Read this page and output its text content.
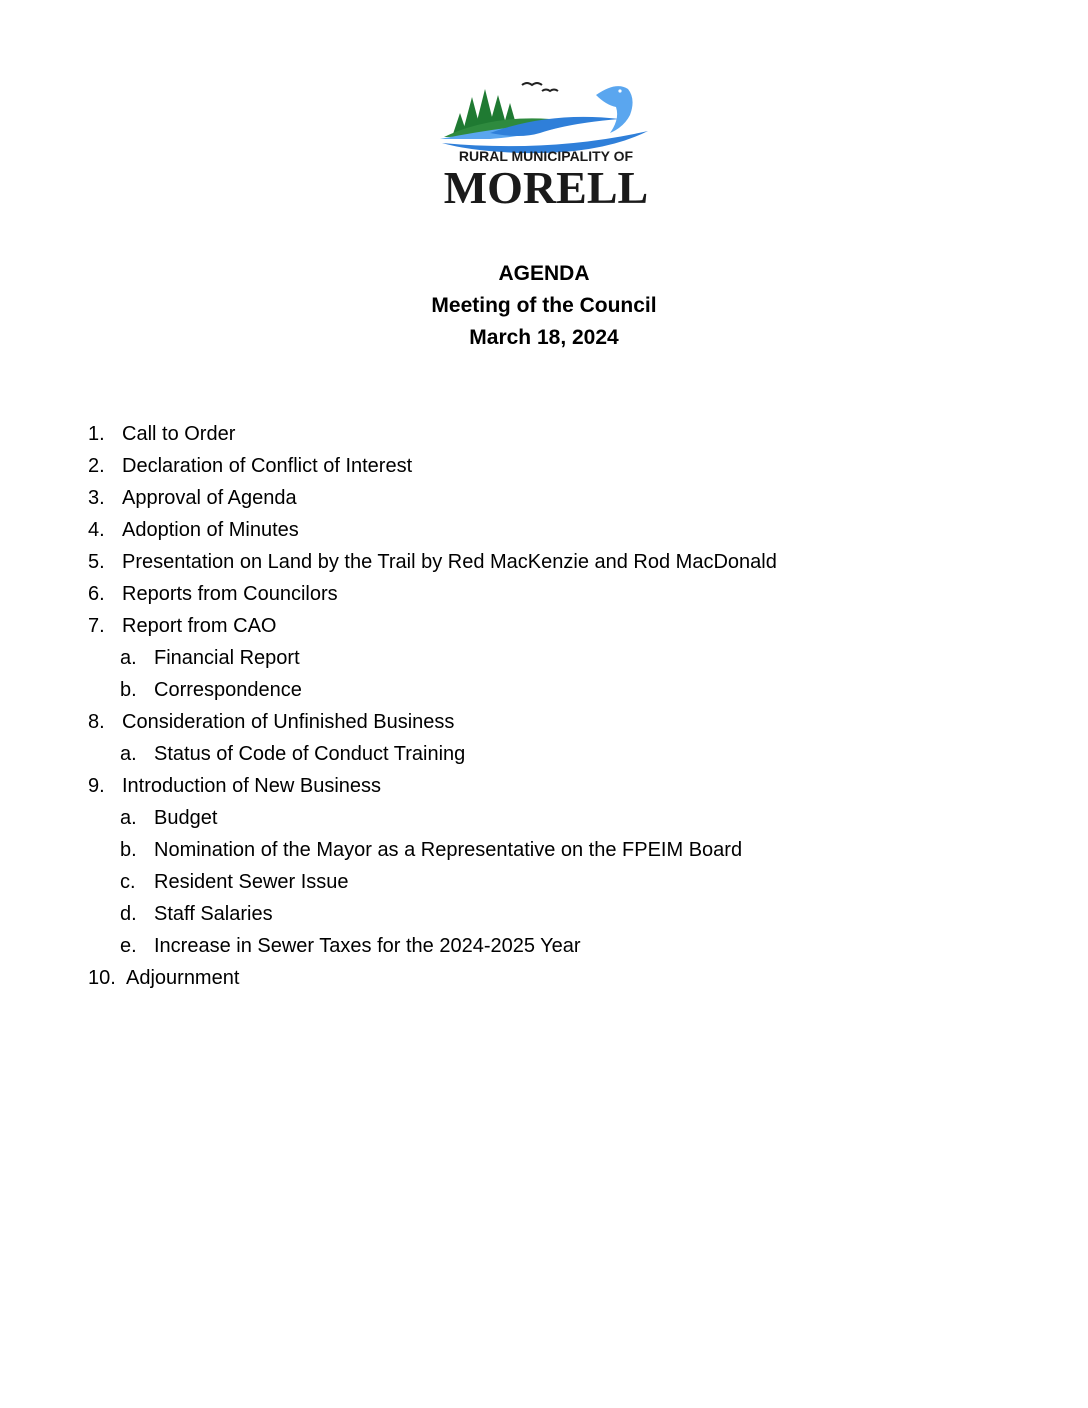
RURAL MUNICIPALITY OF
MORELL
AGENDA
Meeting of the Council
March 18, 2024
1. Call to Order
2. Declaration of Conflict of Interest
3. Approval of Agenda
4. Adoption of Minutes
5. Presentation on Land by the Trail by Red MacKenzie and Rod MacDonald
6. Reports from Councilors
7. Report from CAO
a. Financial Report
b. Correspondence
8. Consideration of Unfinished Business
a. Status of Code of Conduct Training
9. Introduction of New Business
a. Budget
b. Nomination of the Mayor as a Representative on the FPEIM Board
c. Resident Sewer Issue
d. Staff Salaries
e. Increase in Sewer Taxes for the 2024-2025 Year
10. Adjournment
